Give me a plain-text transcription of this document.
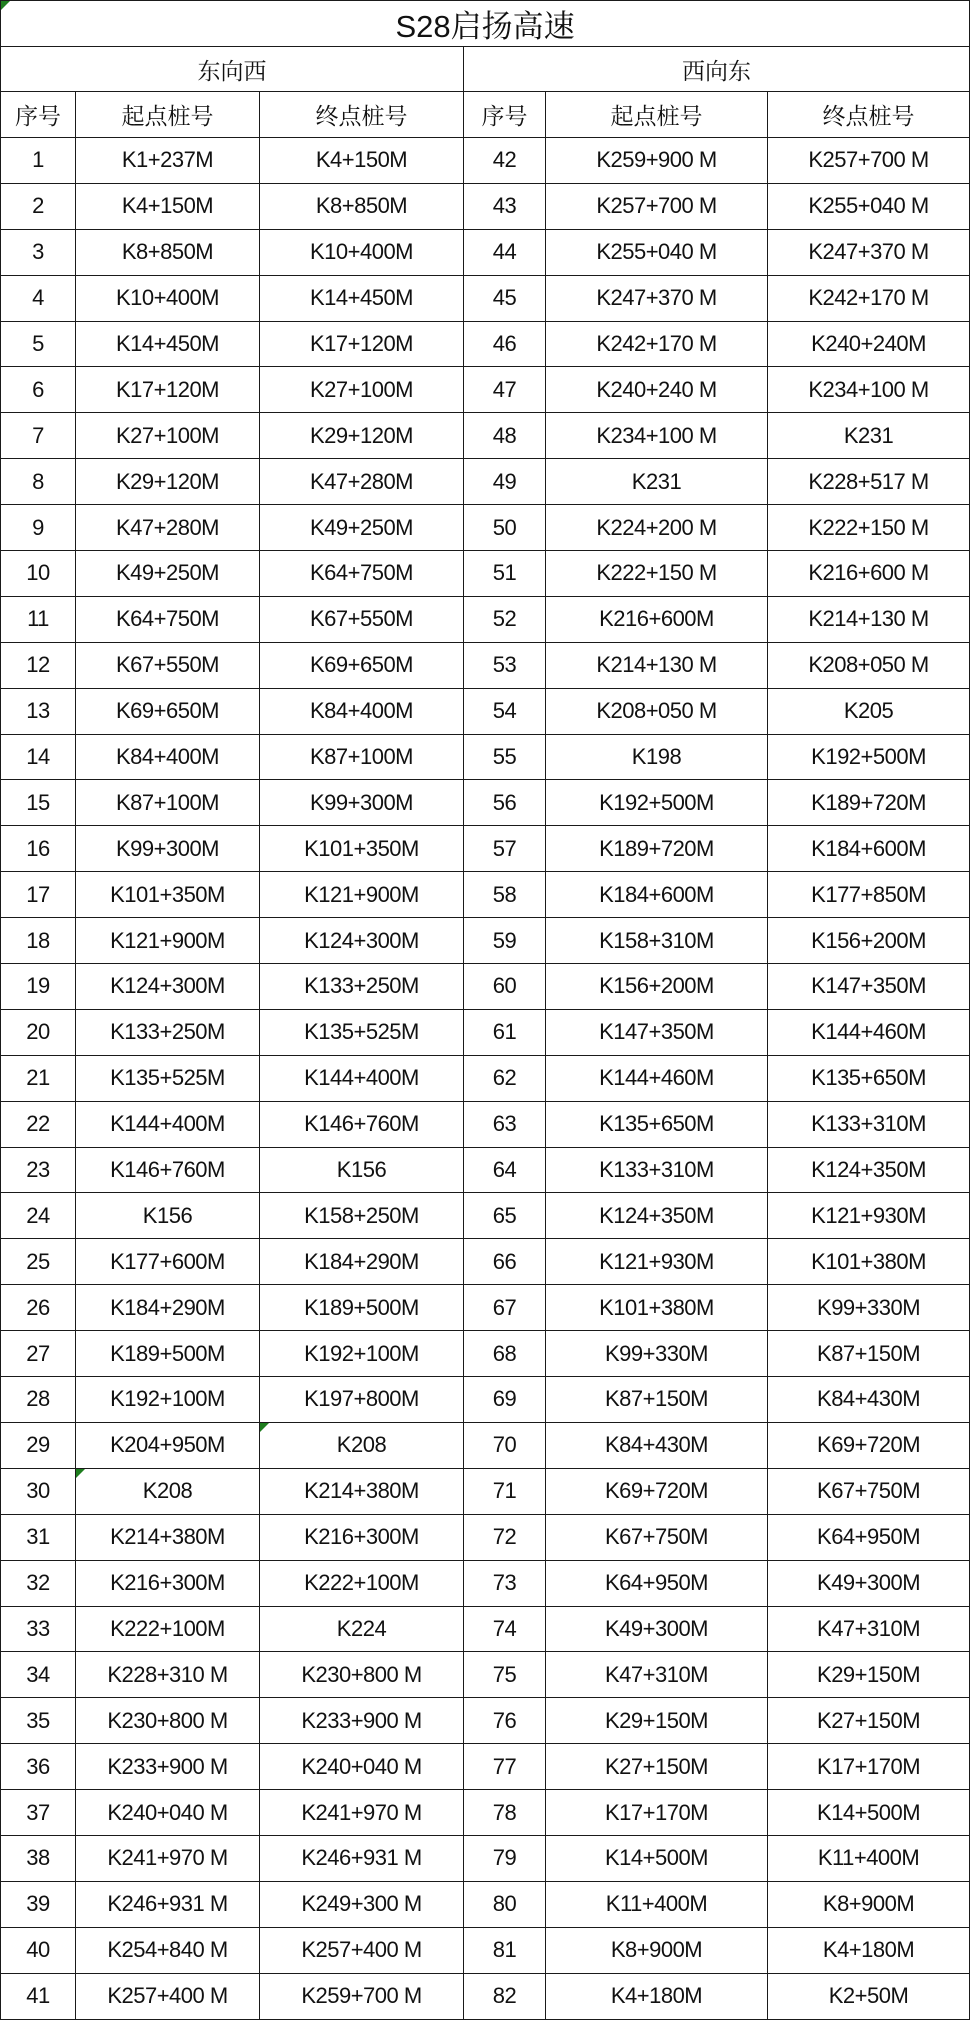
S28启扬高速					
东向西			西向东		
序号	起点桩号	终点桩号	序号	起点桩号	终点桩号
1	K1+237M	K4+150M	42	K259+900 M	K257+700 M
2	K4+150M	K8+850M	43	K257+700 M	K255+040 M
3	K8+850M	K10+400M	44	K255+040 M	K247+370 M
4	K10+400M	K14+450M	45	K247+370 M	K242+170 M
5	K14+450M	K17+120M	46	K242+170 M	K240+240M
6	K17+120M	K27+100M	47	K240+240 M	K234+100 M
7	K27+100M	K29+120M	48	K234+100 M	K231
8	K29+120M	K47+280M	49	K231	K228+517 M
9	K47+280M	K49+250M	50	K224+200 M	K222+150 M
10	K49+250M	K64+750M	51	K222+150 M	K216+600 M
11	K64+750M	K67+550M	52	K216+600M	K214+130 M
12	K67+550M	K69+650M	53	K214+130 M	K208+050 M
13	K69+650M	K84+400M	54	K208+050 M	K205
14	K84+400M	K87+100M	55	K198	K192+500M
15	K87+100M	K99+300M	56	K192+500M	K189+720M
16	K99+300M	K101+350M	57	K189+720M	K184+600M
17	K101+350M	K121+900M	58	K184+600M	K177+850M
18	K121+900M	K124+300M	59	K158+310M	K156+200M
19	K124+300M	K133+250M	60	K156+200M	K147+350M
20	K133+250M	K135+525M	61	K147+350M	K144+460M
21	K135+525M	K144+400M	62	K144+460M	K135+650M
22	K144+400M	K146+760M	63	K135+650M	K133+310M
23	K146+760M	K156	64	K133+310M	K124+350M
24	K156	K158+250M	65	K124+350M	K121+930M
25	K177+600M	K184+290M	66	K121+930M	K101+380M
26	K184+290M	K189+500M	67	K101+380M	K99+330M
27	K189+500M	K192+100M	68	K99+330M	K87+150M
28	K192+100M	K197+800M	69	K87+150M	K84+430M
29	K204+950M	K208	70	K84+430M	K69+720M
30	K208	K214+380M	71	K69+720M	K67+750M
31	K214+380M	K216+300M	72	K67+750M	K64+950M
32	K216+300M	K222+100M	73	K64+950M	K49+300M
33	K222+100M	K224	74	K49+300M	K47+310M
34	K228+310 M	K230+800 M	75	K47+310M	K29+150M
35	K230+800 M	K233+900 M	76	K29+150M	K27+150M
36	K233+900 M	K240+040 M	77	K27+150M	K17+170M
37	K240+040 M	K241+970 M	78	K17+170M	K14+500M
38	K241+970 M	K246+931 M	79	K14+500M	K11+400M
39	K246+931 M	K249+300 M	80	K11+400M	K8+900M
40	K254+840 M	K257+400 M	81	K8+900M	K4+180M
41	K257+400 M	K259+700 M	82	K4+180M	K2+50M
